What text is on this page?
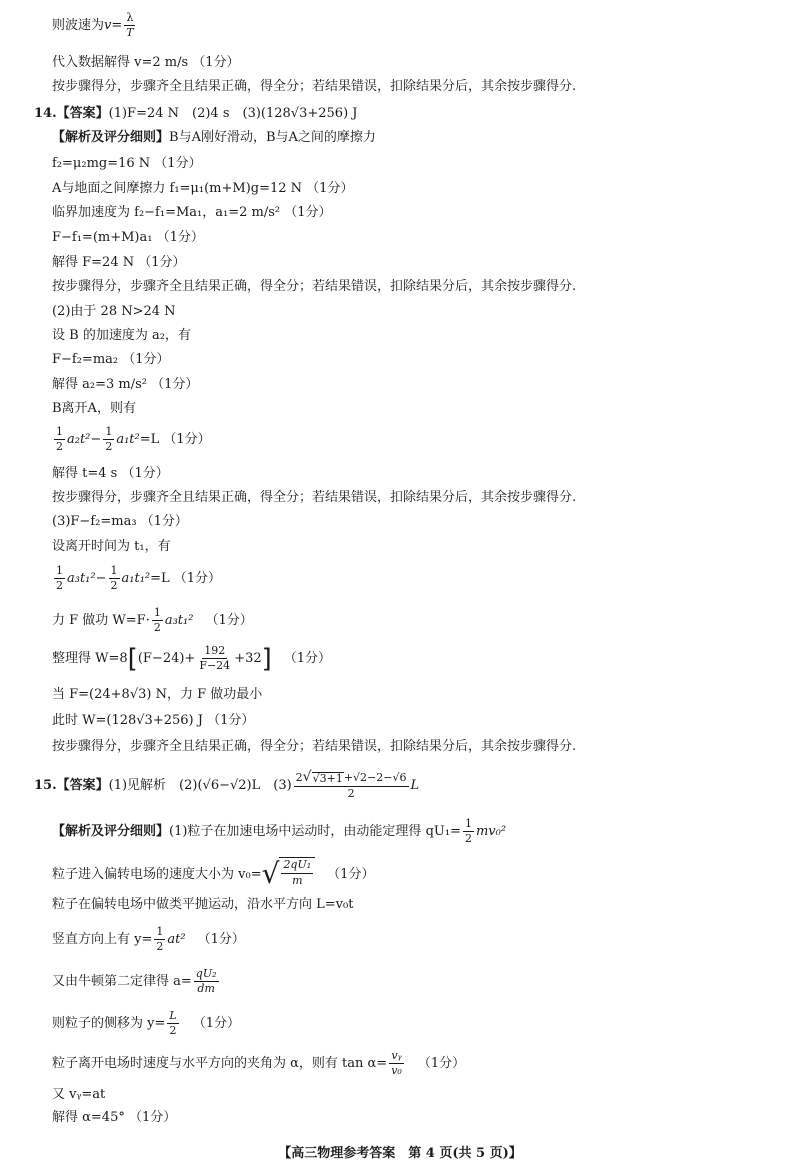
则波速为 $v = \frac{\lambda}{T}$
代入数据解得 v=2 m/s （1分）
按步骤得分，步骤齐全且结果正确，得全分；若结果错误，扣除结果分后，其余按步骤得分.
14. 【答案】 (1)F=24 N　(2)4 s　(3)(128√3+256) J
【解析及评分细则】 B与A刚好滑动，B与A之间的摩擦力
f₂=μ₂mg=16 N （1分）
A与地面之间摩擦力 f₁=μ₁(m+M)g=12 N （1分）
临界加速度为 f₂−f₁=Ma₁，a₁=2 m/s² （1分）
F−f₁=(m+M)a₁ （1分）
解得 F=24 N （1分）
按步骤得分，步骤齐全且结果正确，得全分；若结果错误，扣除结果分后，其余按步骤得分.
(2)由于 28 N>24 N
设 B 的加速度为 a₂，有
F−f₂=ma₂ （1分）
解得 a₂=3 m/s² （1分）
B离开A，则有
$\frac{1}{2} a_2t^2 - \frac{1}{2} a_1t^2 =L$ （1分）
解得 t=4 s （1分）
按步骤得分，步骤齐全且结果正确，得全分；若结果错误，扣除结果分后，其余按步骤得分.
(3)F−f₂=ma₃ （1分）
设离开时间为 t₁，有
$\frac{1}{2} a_3t_1^2 - \frac{1}{2} a_1t_1^2 =L$ （1分）
力 F 做功 $W=F\cdot \frac{1}{2} a_3t_1^2$ （1分）
整理得 W=8 [ $(F-24)+ \frac{192}{F-24} +32$ ] （1分）
当 F=(24+8√3) N，力 F 做功最小
此时 W=(128√3+256) J （1分）
按步骤得分，步骤齐全且结果正确，得全分；若结果错误，扣除结果分后，其余按步骤得分.
15. 【答案】 (1)见解析　(2)(√6−√2)L　$(3) \frac{2 √ √3+1 +√2-2-√6}{2}$ L
【解析及评分细则】 (1)粒子在加速电场中运动时，由动能定理得 $qU_1= \frac{1}{2} mv_0^2$
粒子进入偏转电场的速度大小为 v₀= √ $\frac{\text{2qU₁}}{m} (1$分）
粒子在偏转电场中做类平抛运动，沿水平方向 L=v₀t
竖直方向上有 $y= \frac{1}{2} at^2$ （1分）
又由牛顿第二定律得 $a= \frac{\text{qU₂}}{dm}$
则粒子的侧移为 $y= \frac{L}{2} (1$分）
粒子离开电场时速度与水平方向的夹角为 α，则有 $\tan \alpha= \frac{\text{vᵧ}}{\text{v₀}} (1$分）
又 vᵧ=at
解得 α=45° （1分）
【高三物理参考答案　第 4 页(共 5 页)】
